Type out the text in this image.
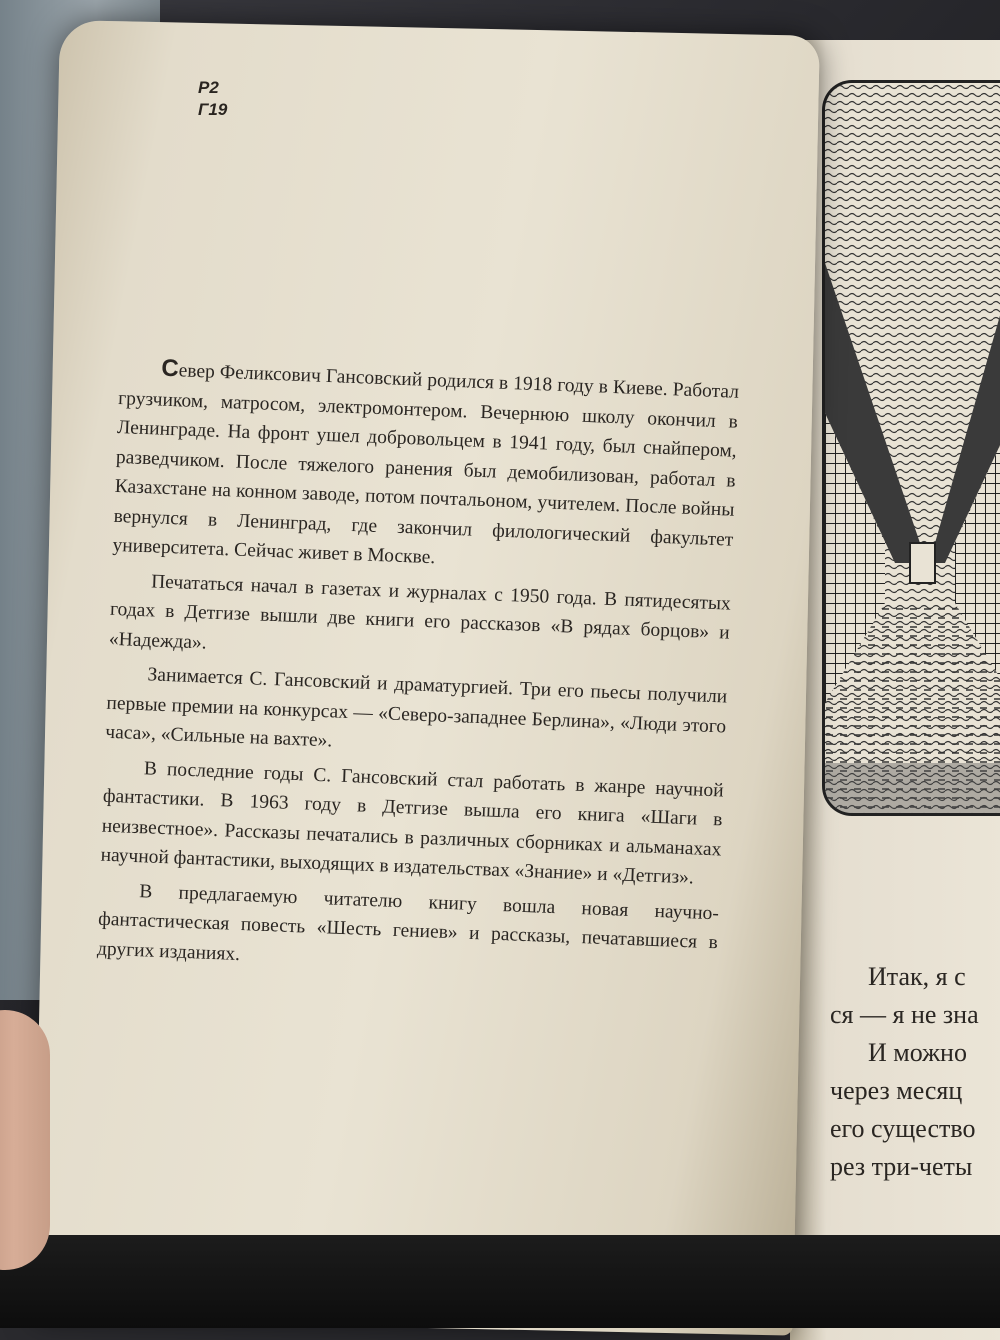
Р2
Г19

Север Феликсович Гансовский родился в 1918 году в Киеве. Работал грузчиком, матросом, электромонтером. Вечернюю школу окончил в Ленинграде. На фронт ушел добровольцем в 1941 году, был снайпером, разведчиком. После тяжелого ранения был демобилизован, работал в Казахстане на конном заводе, потом почтальоном, учителем. После войны вернулся в Ленинград, где закончил филологический факультет университета. Сейчас живет в Москве.

Печататься начал в газетах и журналах с 1950 года. В пятидесятых годах в Детгизе вышли две книги его рассказов «В рядах борцов» и «Надежда».

Занимается С. Гансовский и драматургией. Три его пьесы получили первые премии на конкурсах — «Северо-западнее Берлина», «Люди этого часа», «Сильные на вахте».

В последние годы С. Гансовский стал работать в жанре научной фантастики. В 1963 году в Детгизе вышла его книга «Шаги в неизвестное». Рассказы печатались в различных сборниках и альманахах научной фантастики, выходящих в издательствах «Знание» и «Детгиз».

В предлагаемую читателю книгу вошла новая научно-фантастическая повесть «Шесть гениев» и рассказы, печатавшиеся в других изданиях.

Итак, я с
ся — я не зна
И можно
через месяц
его существо
рез три-четы
